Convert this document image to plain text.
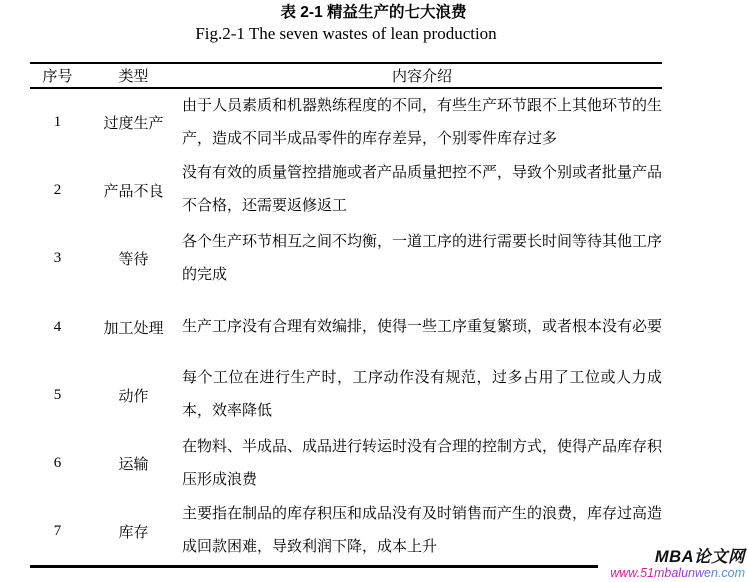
表 2-1 精益生产的七大浪费
Fig.2-1 The seven wastes of lean production
序号	类型	内容介绍
1	过度生产	由于人员素质和机器熟练程度的不同，有些生产环节跟不上其他环节的生产，造成不同半成品零件的库存差异，个别零件库存过多
2	产品不良	没有有效的质量管控措施或者产品质量把控不严，导致个别或者批量产品不合格，还需要返修返工
3	等待	各个生产环节相互之间不均衡，一道工序的进行需要长时间等待其他工序的完成
4	加工处理	生产工序没有合理有效编排，使得一些工序重复繁琐，或者根本没有必要
5	动作	每个工位在进行生产时，工序动作没有规范，过多占用了工位或人力成本，效率降低
6	运输	在物料、半成品、成品进行转运时没有合理的控制方式，使得产品库存积压形成浪费
7	库存	主要指在制品的库存积压和成品没有及时销售而产生的浪费，库存过高造成回款困难，导致利润下降，成本上升
MBA论文网
www.51mbalunwen.com
